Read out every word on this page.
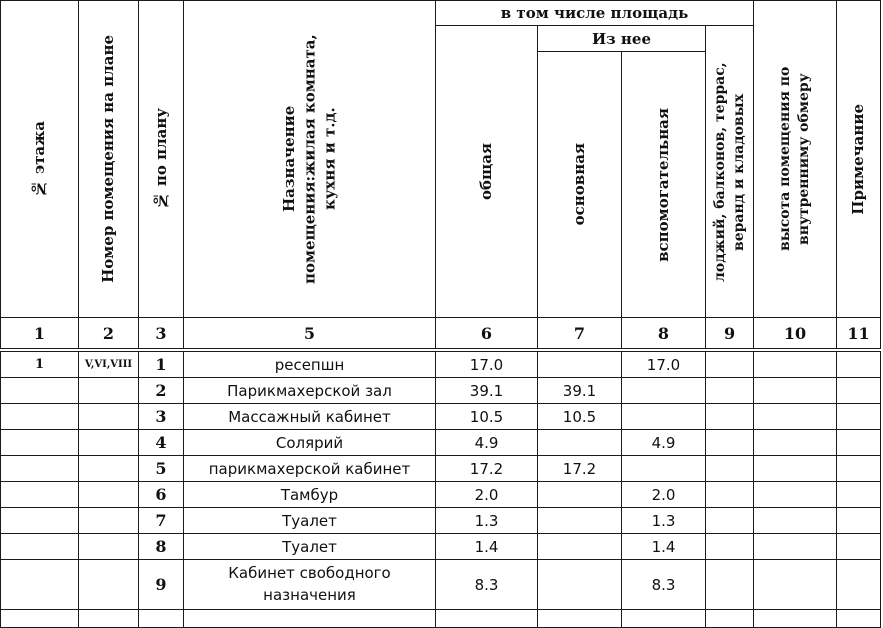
№ этажа	Номер помещения на плане	№ по плану	Назначение помещения:жилая комната, кухня и т.д.	в том числе площадь				высота помещения по внутренниму обмеру	Примечание

				общая	Из нее		лоджий, балконов, террас, веранд и кладовых		

					основная	вспомогательная			

1	2	3	5	6	7	8	9	10	11

1	V,VI,VIII	1	ресепшн	17.0		17.0			
		2	Парикмахерской зал	39.1	39.1				
		3	Массажный кабинет	10.5	10.5				
		4	Солярий	4.9		4.9			
		5	парикмахерской кабинет	17.2	17.2				
		6	Тамбур	2.0		2.0			
		7	Туалет	1.3		1.3			
		8	Туалет	1.4		1.4			
		9	Кабинет свободного
назначения	8.3		8.3			
